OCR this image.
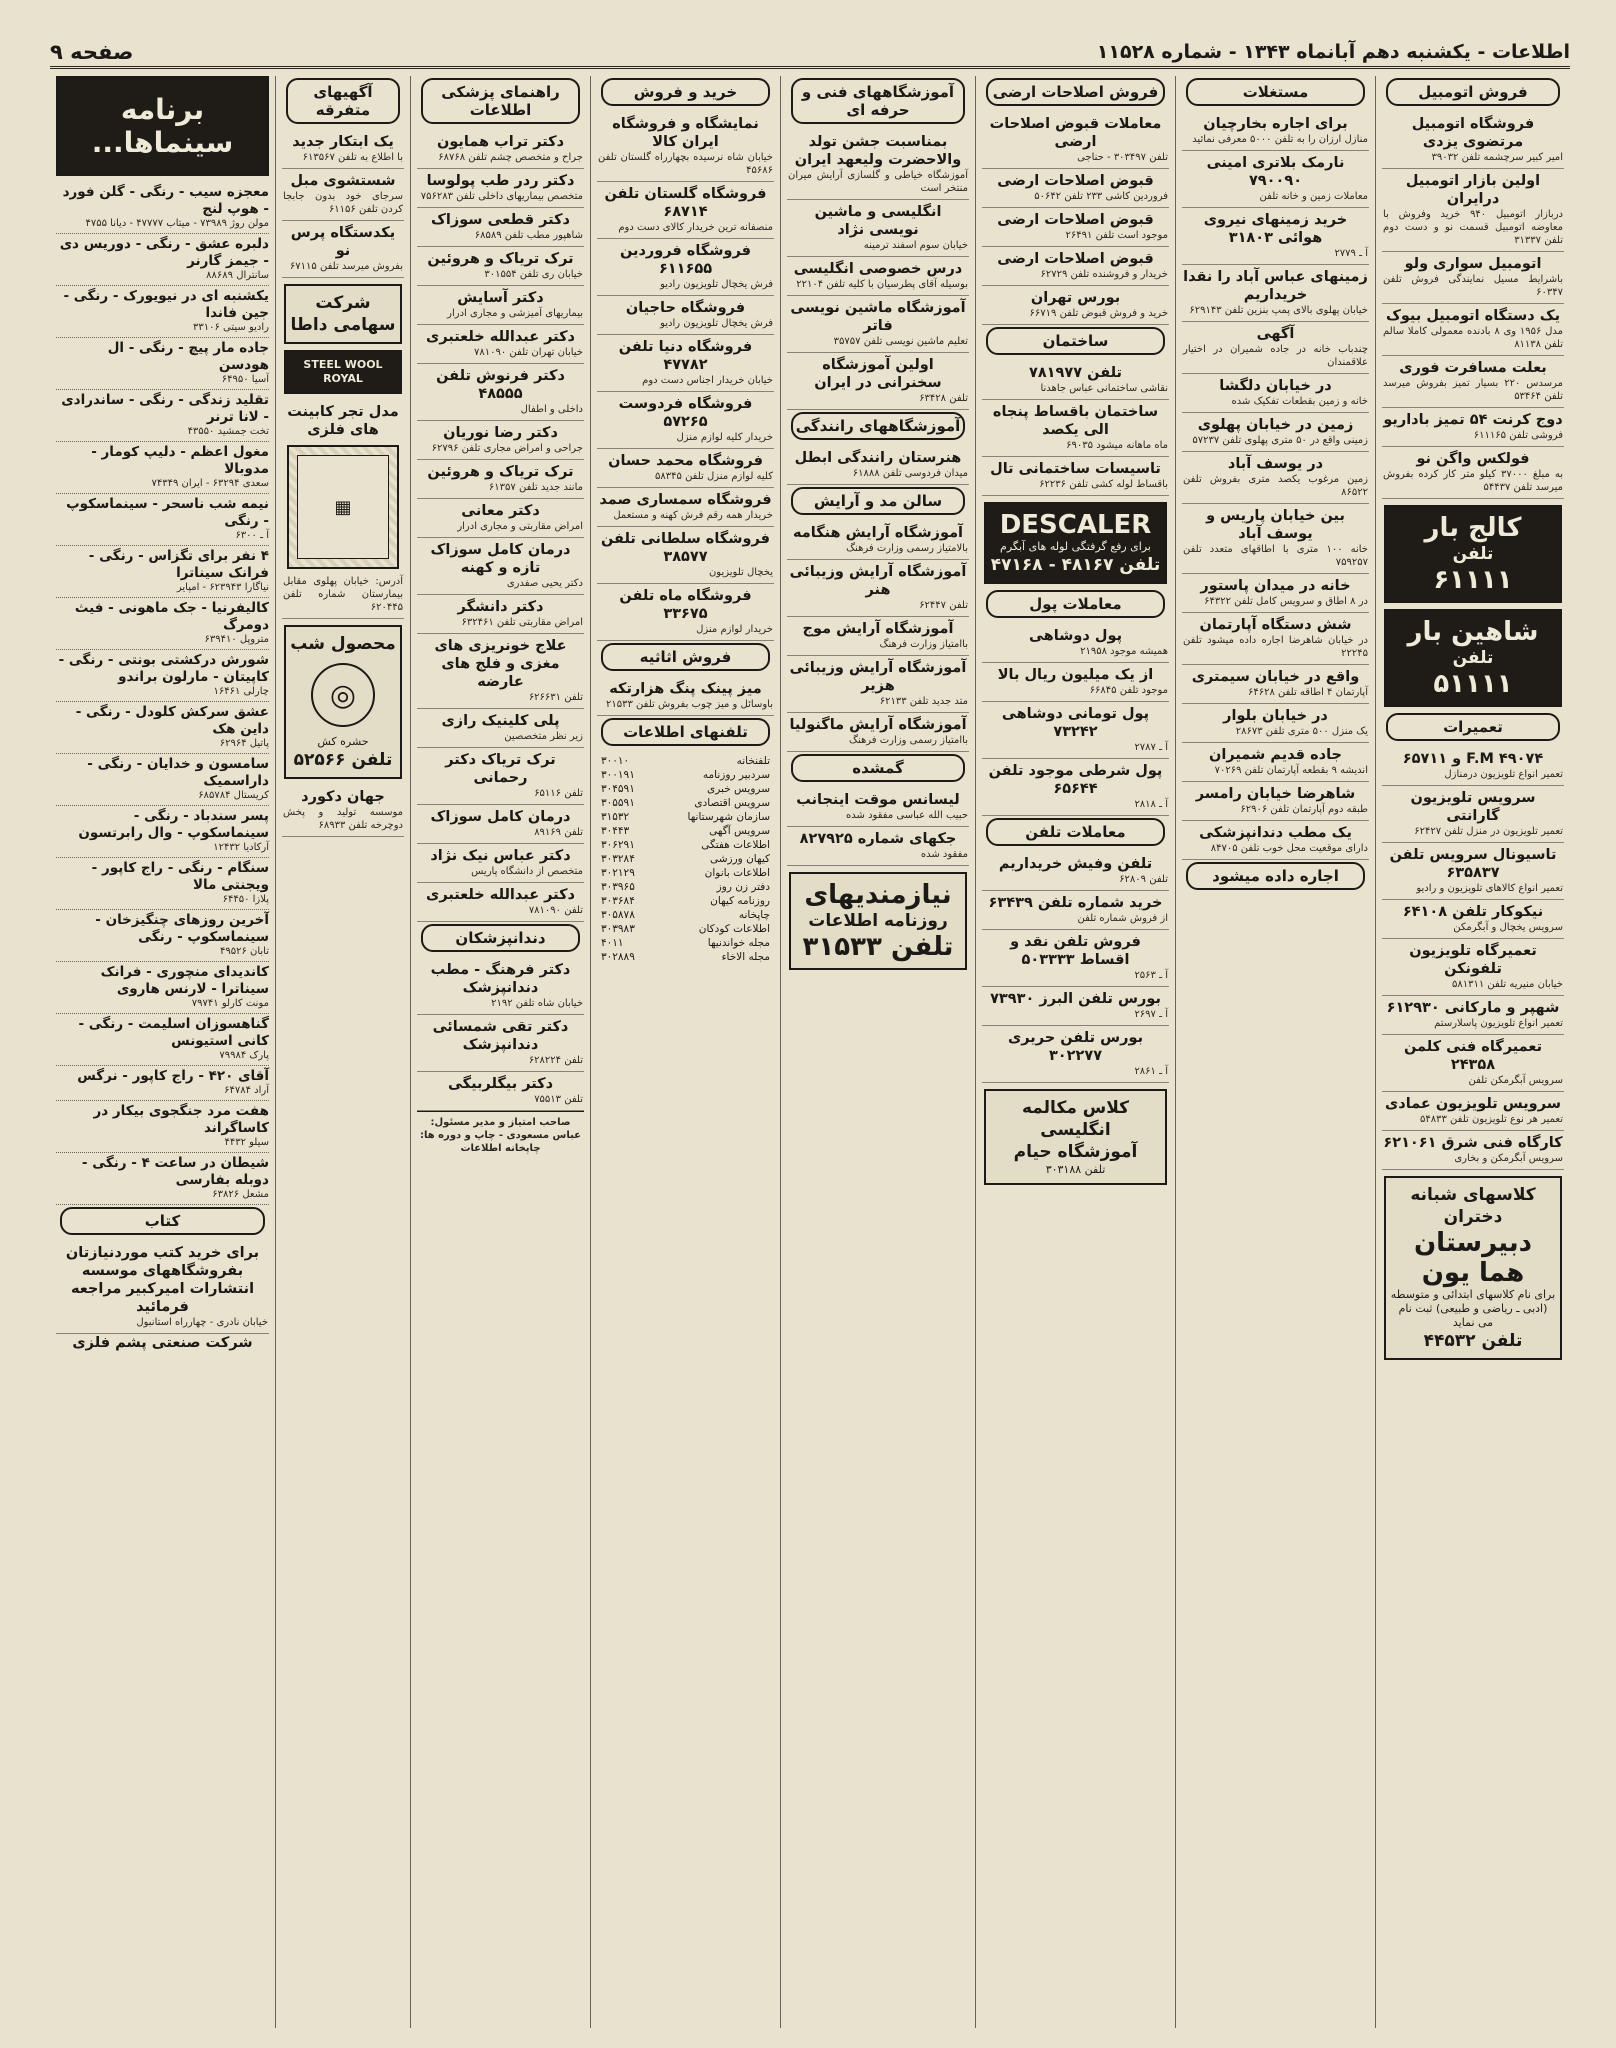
اطلاعات - یکشنبه دهم آبانماه ۱۳۴۳ - شماره ۱۱۵۲۸
صفحه ۹
فروش اتومبیل
فروشگاه اتومبیل مرتضوی یزدی
امیر کبیر سرچشمه تلفن ۳۹۰۳۲
اولین بازار اتومبیل درایران
دربازار اتومبیل ۹۴۰ خرید وفروش با معاوضه اتومبیل قسمت نو و دست دوم تلفن ۳۱۳۳۷
اتومبیل سواری ولو
باشرایط مسیل نمایندگی فروش تلفن ۶۰۳۴۷
یک دستگاه اتومبیل بیوک
مدل ۱۹۵۶ وی ۸ بادنده معمولی کاملا سالم تلفن ۸۱۱۳۸
بعلت مسافرت فوری
مرسدس ۲۲۰ بسیار تمیز بفروش میرسد تلفن ۵۳۴۶۴
دوج کرنت ۵۴ تمیز باداریو
فروشی تلفن ۶۱۱۱۶۵
فولکس واگن نو
به مبلغ ۳۷۰۰۰ کیلو متر کار کرده بفروش میرسد تلفن ۵۴۴۳۷
کالج بار
تلفن
۶۱۱۱۱
شاهین بار
تلفن
۵۱۱۱۱
تعمیرات
F.M ۴۹۰۷۴ و ۶۵۷۱۱
تعمیر انواع تلویزیون درمنازل
سرویس تلویزیون گارانتی
تعمیر تلویزیون در منزل تلفن ۶۲۴۲۷
تاسیونال سرویس تلفن ۶۳۵۸۳۷
تعمیر انواع کالاهای تلویزیون و رادیو
نیکوکار تلفن ۶۴۱۰۸
سرویس یخچال و آبگرمکن
تعمیرگاه تلویزیون تلفونکن
خیابان منیریه تلفن ۵۸۱۳۱۱
شهپر و مارکانی ۶۱۲۹۳۰
تعمیر انواع تلویزیون پاسلارستم
تعمیرگاه فنی کلمن ۲۴۳۵۸
سرویس آبگرمکن تلفن
سرویس تلویزیون عمادی
تعمیر هر نوع تلویزیون تلفن ۵۴۸۳۳
کارگاه فنی شرق ۶۲۱۰۶۱
سرویس آبگرمکن و بخاری
کلاسهای شبانه دختران
دبیرستان هما یون
برای نام کلاسهای ابتدائی و متوسطه (ادبی ـ ریاضی و طبیعی) ثبت نام می نماید
تلفن ۴۴۵۳۲
مستغلات
برای اجاره بخارچیان
منازل ارزان را به تلفن ۵۰۰۰ معرفی نمائید
نارمک بلاتری امینی ۷۹۰۰۹۰
معاملات زمین و خانه تلفن
خرید زمینهای نیروی هوائی ۳۱۸۰۳
آ ـ ۲۷۷۹
زمینهای عباس آباد را نقدا خریداریم
خیابان پهلوی بالای پمپ بنزین تلفن ۶۲۹۱۴۳
آگهی
چندباب خانه در جاده شمیران در اختیار علاقمندان
در خیابان دلگشا
خانه و زمین بقطعات تفکیک شده
زمین در خیابان پهلوی
زمینی واقع در ۵۰ متری پهلوی تلفن ۵۷۲۳۷
در یوسف آباد
زمین مرغوب یکصد متری بفروش تلفن ۸۶۵۲۲
بین خیابان پاریس و یوسف آباد
خانه ۱۰۰ متری با اطاقهای متعدد تلفن ۷۵۹۲۵۷
خانه در میدان پاستور
در ۸ اطاق و سرویس کامل تلفن ۶۴۳۲۲
شش دستگاه آپارتمان
در خیابان شاهرضا اجاره داده میشود تلفن ۲۲۲۴۵
واقع در خیابان سیمتری
آپارتمان ۴ اطاقه تلفن ۶۴۶۲۸
در خیابان بلوار
یک منزل ۵۰۰ متری تلفن ۲۸۶۷۳
جاده قدیم شمیران
اندیشه ۹ بقطعه آپارتمان تلفن ۷۰۲۶۹
شاهرضا خیابان رامسر
طبقه دوم آپارتمان تلفن ۶۲۹۰۶
یک مطب دندانپزشکی
دارای موقعیت محل خوب تلفن ۸۴۷۰۵
اجاره داده میشود
فروش اصلاحات ارضی
معاملات قبوض اصلاحات ارضی
تلفن ۳۰۳۴۹۷ - حناجی
قبوض اصلاحات ارضی
فروردین کاشی ۲۳۳ تلفن ۵۰۶۴۲
قبوض اصلاحات ارضی
موجود است تلفن ۲۶۴۹۱
قبوض اصلاحات ارضی
خریدار و فروشنده تلفن ۶۲۷۲۹
بورس تهران
خرید و فروش قبوض تلفن ۶۶۷۱۹
ساختمان
تلفن ۷۸۱۹۷۷
نقاشی ساختمانی عباس جاهدنا
ساختمان باقساط پنجاه الی یکصد
ماه ماهانه میشود ۶۹۰۳۵
تاسیسات ساختمانی تال
باقساط لوله کشی تلفن ۶۲۲۳۶
DESCALER
برای رفع گرفتگی لوله های آبگرم
تلفن ۴۸۱۶۷ - ۴۷۱۶۸
معاملات پول
پول دوشاهی
همیشه موجود ۲۱۹۵۸
از یک میلیون ریال بالا
موجود تلفن ۶۶۸۴۵
پول تومانی دوشاهی ۷۳۲۴۲
آ ـ ۲۷۸۷
پول شرطی موجود تلفن ۶۵۶۴۴
آ ـ ۲۸۱۸
معاملات تلفن
تلفن وفیش خریداریم
تلفن ۶۲۸۰۹
خرید شماره تلفن ۶۳۴۳۹
از فروش شماره تلفن
فروش تلفن نقد و اقساط ۵۰۳۳۳۳
آ ـ ۲۵۶۳
بورس تلفن البرز ۷۳۹۳۰
آ ـ ۲۶۹۷
بورس تلفن حریری ۳۰۲۲۷۷
آ ـ ۲۸۶۱
کلاس مکالمه انگلیسی
آموزشگاه حیام
تلفن ۳۰۳۱۸۸
آموزشگاههای فنی و حرفه ای
بمناسبت جشن تولد والاحضرت ولیعهد ایران
آموزشگاه خیاطی و گلسازی آرایش میران منتخر است
انگلیسی و ماشین نویسی نژاد
خیابان سوم اسفند ترمینه
درس خصوصی انگلیسی
بوسیله آقای پطرسیان با کلیه تلفن ۲۲۱۰۴
آموزشگاه ماشین نویسی فاتر
تعلیم ماشین نویسی تلفن ۳۵۷۵۷
اولین آموزشگاه سخنرانی در ایران
تلفن ۶۳۴۲۸
آموزشگاههای رانندگی
هنرستان رانندگی ابطل
میدان فردوسی تلفن ۶۱۸۸۸
سالن مد و آرایش
آموزشگاه آرایش هنگامه
بالامتیاز رسمی وزارت فرهنگ
آموزشگاه آرایش وزیبائی هنر
تلفن ۶۲۴۴۷
آموزشگاه آرایش موج
باامتیاز وزارت فرهنگ
آموزشگاه آرایش وزیبائی هزیر
متد جدید تلفن ۶۲۱۳۳
آموزشگاه آرایش ماگنولیا
باامتیاز رسمی وزارت فرهنگ
گمشده
لیسانس موقت اینجانب
حبیب الله عباسی مفقود شده
جکهای شماره ۸۲۷۹۲۵
مفقود شده
نیازمندیهای
روزنامه اطلاعات
تلفن ۳۱۵۳۳
خرید و فروش
نمایشگاه و فروشگاه ایران کالا
خیابان شاه نرسیده بچهارراه گلستان تلفن ۴۵۶۸۶
فروشگاه گلستان تلفن ۶۸۷۱۴
منصفانه ترین خریدار کالای دست دوم
فروشگاه فروردین ۶۱۱۶۵۵
فرش یخچال تلویزیون رادیو
فروشگاه حاجیان
فرش یخچال تلویزیون رادیو
فروشگاه دنیا تلفن ۴۷۷۸۲
خیابان خریدار اجناس دست دوم
فروشگاه فردوست ۵۷۲۶۵
خریدار کلیه لوازم منزل
فروشگاه محمد حسان
کلیه لوازم منزل تلفن ۵۸۳۴۵
فروشگاه سمساری صمد
خریدار همه رقم فرش کهنه و مستعمل
فروشگاه سلطانی تلفن ۳۸۵۷۷
یخچال تلویزیون
فروشگاه ماه تلفن ۳۳۶۷۵
خریدار لوازم منزل
فروش اثاثیه
میز پینک پنگ هزارتکه
باوسائل و میز چوب بفروش تلفن ۲۱۵۳۳
تلفنهای اطلاعات
تلفنخانه
۳۰۰۱۰
سردبیر روزنامه
۳۰۰۱۹۱
سرویس خبری
۳۰۴۵۹۱
سرویس اقتصادی
۳۰۵۵۹۱
سازمان شهرستانها
۳۱۵۳۲
سرویس آگهی
۳۰۴۴۳
اطلاعات هفتگی
۳۰۶۲۹۱
کیهان ورزشی
۳۰۳۲۸۴
اطلاعات بانوان
۳۰۲۱۲۹
دفتر زن روز
۳۰۳۹۶۵
روزنامه کیهان
۳۰۳۶۸۴
چاپخانه
۳۰۵۸۷۸
اطلاعات کودکان
۳۰۳۹۸۳
مجله خواندنیها
۴۰۱۱
مجله الاخاء
۳۰۲۸۸۹
راهنمای پزشکی اطلاعات
دکتر تراب همایون
جراح و متخصص چشم تلفن ۶۸۷۶۸
دکتر ردر طب پولوسا
متخصص بیماریهای داخلی تلفن ۷۵۶۲۸۳
دکتر قطعی سوزاک
شاهپور مطب تلفن ۶۸۵۸۹
ترک تریاک و هروئین
خیابان ری تلفن ۳۰۱۵۵۴
دکتر آسایش
بیماریهای آمیزشی و مجاری ادرار
دکتر عبدالله خلعتبری
خیابان تهران تلفن ۷۸۱۰۹۰
دکتر فرنوش تلفن ۴۸۵۵۵
داخلی و اطفال
دکتر رضا نوریان
جراحی و امراض مجاری تلفن ۶۲۷۹۶
ترک تریاک و هروئین
مانند جدید تلفن ۶۱۳۵۷
دکتر معانی
امراض مقاربتی و مجاری ادرار
درمان کامل سوزاک تازه و کهنه
دکتر یحیی صفدری
دکتر دانشگر
امراض مقاربتی تلفن ۶۳۲۴۶۱
علاج خونریزی های مغزی و فلج های عارضه
تلفن ۶۲۶۶۳۱
پلی کلینیک رازی
زیر نظر متخصصین
ترک تریاک دکتر رحمانی
تلفن ۶۵۱۱۶
درمان کامل سوزاک
تلفن ۸۹۱۶۹
دکتر عباس نیک نژاد
متخصص از دانشگاه پاریس
دکتر عبدالله خلعتبری
تلفن ۷۸۱۰۹۰
دندانپزشکان
دکتر فرهنگ - مطب دندانپزشک
خیابان شاه تلفن ۲۱۹۲
دکتر تقی شمسائی دندانپزشک
تلفن ۶۲۸۲۲۴
دکتر بیگلربیگی
تلفن ۷۵۵۱۳
صاحب امتیاز و مدیر مسئول: عباس مسعودی - چاپ و دوره ها: چاپخانه اطلاعات
آگهیهای متفرقه
یک ابتکار جدید
با اطلاع به تلفن ۶۱۳۵۶۷
شستشوی مبل
سرجای خود بدون جابجا کردن تلفن ۶۱۱۵۶
یکدستگاه پرس نو
بفروش میرسد تلفن ۶۷۱۱۵
شرکت سهامی داطا
STEEL WOOL ROYAL
مدل تجر کابینت های فلزی
▦
آدرس: خیابان پهلوی مقابل بیمارستان شماره تلفن ۶۲۰۴۴۵
محصول شب
◎
حشره کش
تلفن ۵۲۵۶۶
جهان دکورد
موسسه تولید و پخش دوچرخه تلفن ۶۸۹۳۳
برنامه سینماها...
معجزه سیب - رنگی - گلن فورد - هوپ لنج
مولن روژ ۷۳۹۸۹ - میتاب ۴۷۷۷۷ - دیانا ۴۷۵۵
دلبره عشق - رنگی - دوریس دی - جیمز گارنر
سانترال ۸۸۶۸۹
یکشنبه ای در نیویورک - رنگی - جین فاندا
رادیو سیتی ۳۳۱۰۶
جاده مار پیچ - رنگی - ال هودسن
آسیا ۶۴۹۵۰
تقلید زندگی - رنگی - ساندرادی - لانا ترنر
تخت جمشید ۴۳۵۵۰
مغول اعظم - دلیپ کومار - مدوبالا
سعدی ۶۳۲۹۴ - ایران ۷۴۳۴۹
نیمه شب ناسحر - سینماسکوپ - رنگی
آ ـ ۶۳۰۰
۴ نفر برای تگزاس - رنگی - فرانک سیناترا
نیاگارا ۶۲۳۹۴۳ - امپایر
کالیفرنیا - جک ماهونی - فیث دومرگ
متروپل ۶۳۹۴۱۰
شورش درکشتی بونتی - رنگی - کاپیتان - مارلون براندو
چارلی ۱۶۴۶۱
عشق سرکش کلودل - رنگی - داین هک
پاتیل ۶۲۹۶۴
سامسون و خدایان - رنگی - داراسمیک
کریستال ۶۸۵۷۸۴
پسر سندباد - رنگی - سینماسکوپ - وال رابرتسون
آرکادیا ۱۲۴۳۲
سنگام - رنگی - راج کاپور - ویجنتی مالا
پلازا ۶۴۴۵۰
آخرین روزهای چنگیزخان - سینماسکوپ - رنگی
تابان ۴۹۵۲۶
کاندیدای منچوری - فرانک سیناترا - لارنس هاروی
مونت کارلو ۷۹۷۴۱
گناهسوزان اسلیمت - رنگی - کانی استیونس
پارک ۷۹۹۸۴
آقای ۴۲۰ - راج کاپور - نرگس
آراد ۶۴۷۸۴
هفت مرد جنگجوی بیکار در کاساگراند
سیلو ۴۴۳۲
شیطان در ساعت ۴ - رنگی - دوبله بفارسی
مشعل ۶۳۸۲۶
کتاب
برای خرید کتب موردنیازتان بفروشگاههای موسسه انتشارات امیرکبیر مراجعه فرمائید
خیابان نادری - چهارراه استانبول
شرکت صنعتی پشم فلزی
